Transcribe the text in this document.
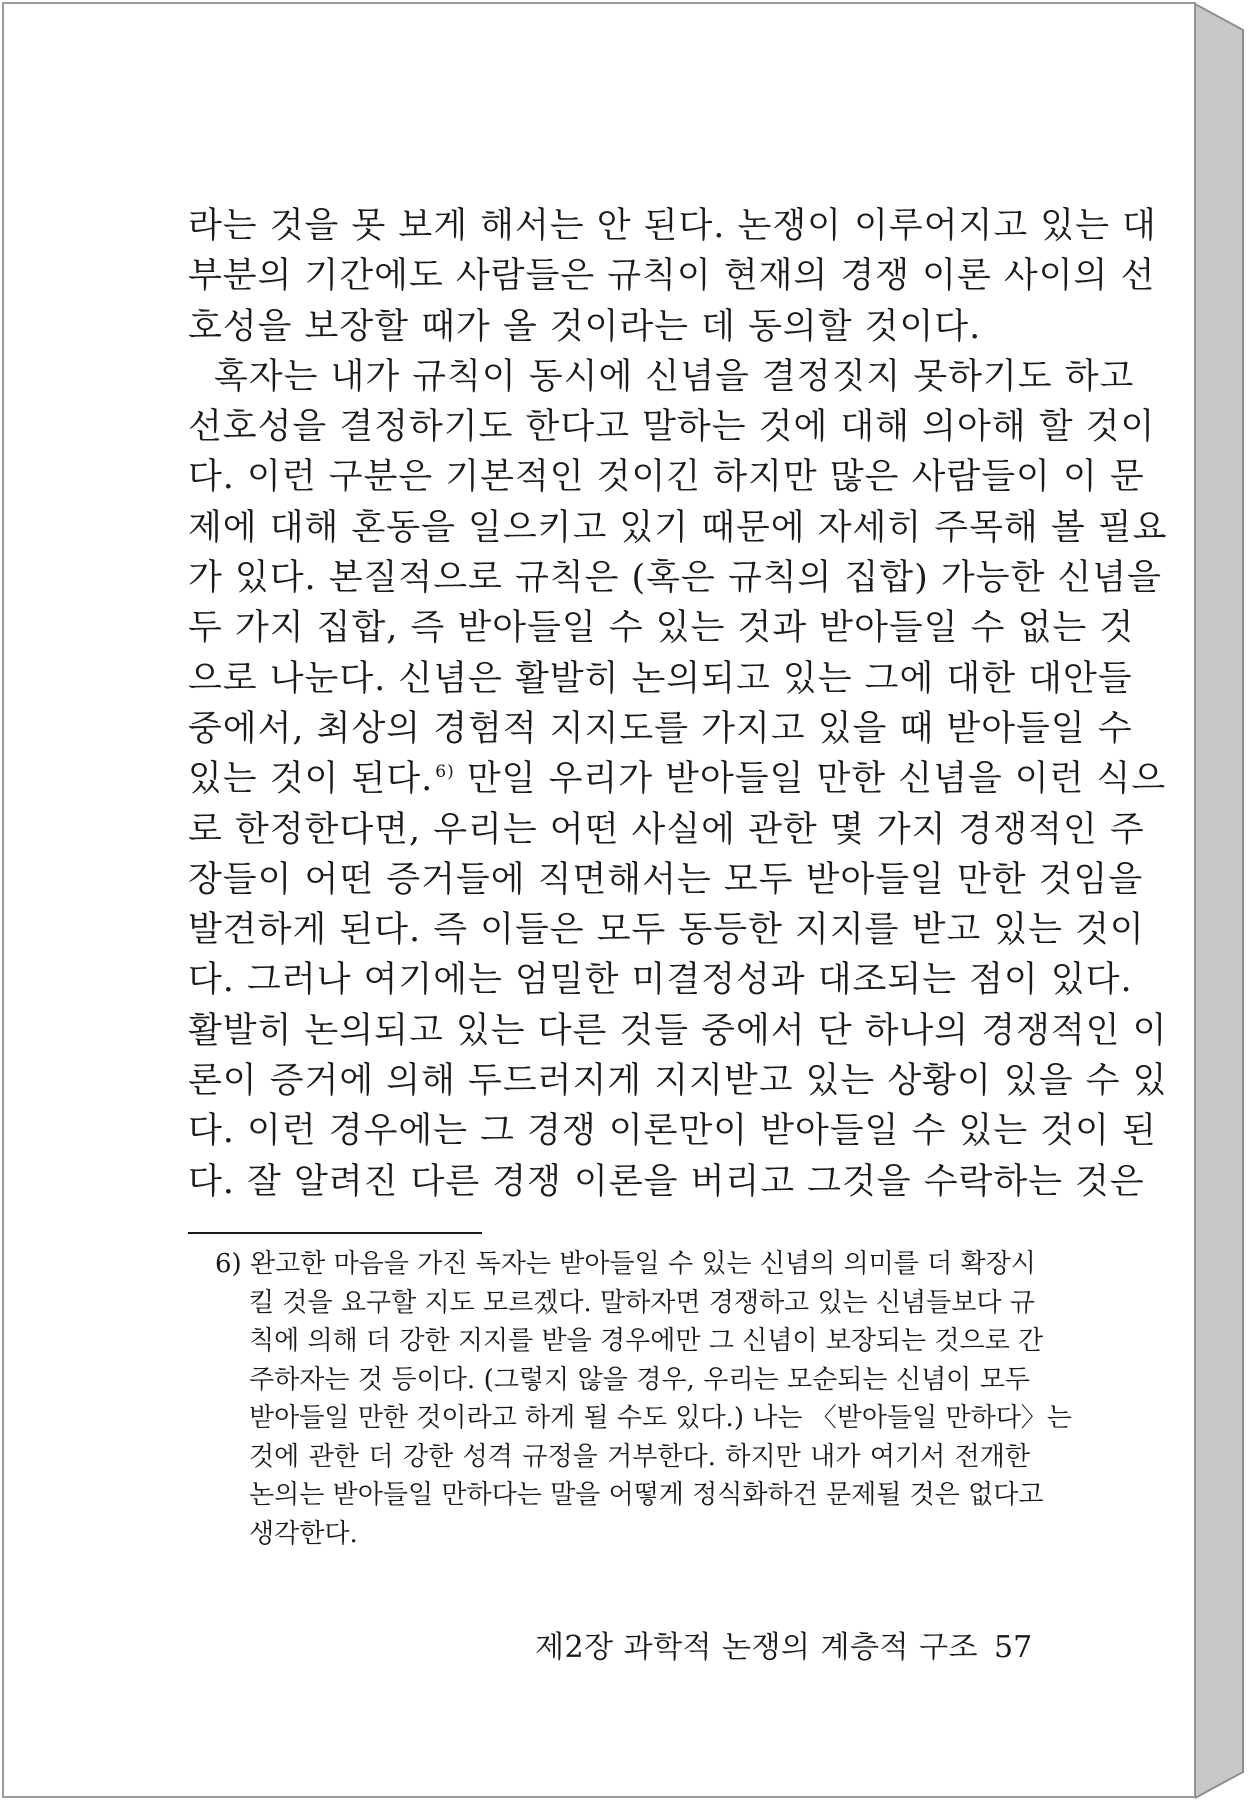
라는 것을 못 보게 해서는 안 된다. 논쟁이 이루어지고 있는 대
부분의 기간에도 사람들은 규칙이 현재의 경쟁 이론 사이의 선
호성을 보장할 때가 올 것이라는 데 동의할 것이다.
혹자는 내가 규칙이 동시에 신념을 결정짓지 못하기도 하고
선호성을 결정하기도 한다고 말하는 것에 대해 의아해 할 것이
다. 이런 구분은 기본적인 것이긴 하지만 많은 사람들이 이 문
제에 대해 혼동을 일으키고 있기 때문에 자세히 주목해 볼 필요
가 있다. 본질적으로 규칙은 (혹은 규칙의 집합) 가능한 신념을
두 가지 집합, 즉 받아들일 수 있는 것과 받아들일 수 없는 것
으로 나눈다. 신념은 활발히 논의되고 있는 그에 대한 대안들
중에서, 최상의 경험적 지지도를 가지고 있을 때 받아들일 수
있는 것이 된다. $^{6)}$ 만일 우리가 받아들일 만한 신념을 이런 식으
로 한정한다면, 우리는 어떤 사실에 관한 몇 가지 경쟁적인 주
장들이 어떤 증거들에 직면해서는 모두 받아들일 만한 것임을
발견하게 된다. 즉 이들은 모두 동등한 지지를 받고 있는 것이
다. 그러나 여기에는 엄밀한 미결정성과 대조되는 점이 있다.
활발히 논의되고 있는 다른 것들 중에서 단 하나의 경쟁적인 이
론이 증거에 의해 두드러지게 지지받고 있는 상황이 있을 수 있
다. 이런 경우에는 그 경쟁 이론만이 받아들일 수 있는 것이 된
다. 잘 알려진 다른 경쟁 이론을 버리고 그것을 수락하는 것은
6) 완고한 마음을 가진 독자는 받아들일 수 있는 신념의 의미를 더 확장시
킬 것을 요구할 지도 모르겠다. 말하자면 경쟁하고 있는 신념들보다 규
칙에 의해 더 강한 지지를 받을 경우에만 그 신념이 보장되는 것으로 간
주하자는 것 등이다. (그렇지 않을 경우, 우리는 모순되는 신념이 모두
받아들일 만한 것이라고 하게 될 수도 있다.) 나는 〈받아들일 만하다〉는
것에 관한 더 강한 성격 규정을 거부한다. 하지만 내가 여기서 전개한
논의는 받아들일 만하다는 말을 어떻게 정식화하건 문제될 것은 없다고
생각한다.
제2장 과학적 논쟁의 계층적 구조 57
